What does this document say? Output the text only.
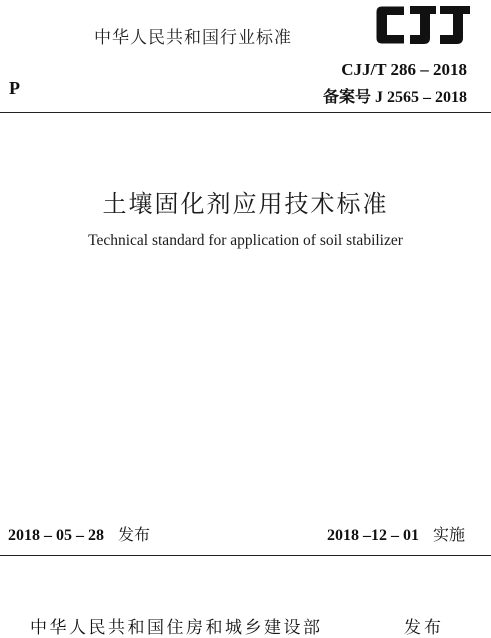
中华人民共和国行业标准
P
CJJ/T 286 – 2018
备案号 J 2565 – 2018
土壤固化剂应用技术标准
Technical standard for application of soil stabilizer
2018 – 05 – 28 发布	2018 –12 – 01 实施
中华人民共和国住房和城乡建设部	发布
